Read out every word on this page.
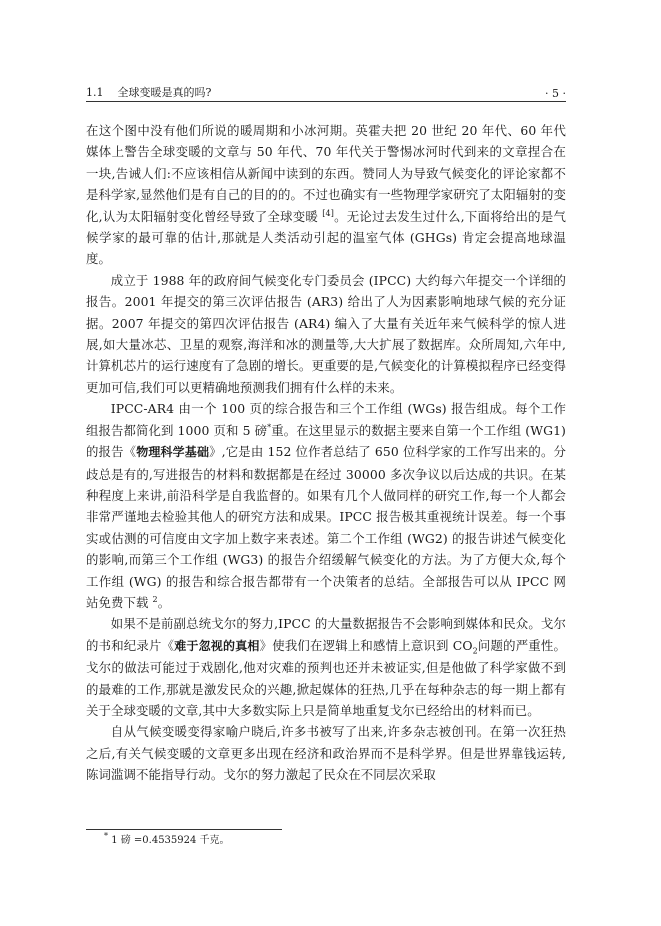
1.1 全球变暖是真的吗?	· 5 ·

在这个图中没有他们所说的暖周期和小冰河期。英霍夫把 20 世纪 20 年代、60 年代媒体上警告全球变暖的文章与 50 年代、70 年代关于警惕冰河时代到来的文章捏合在一块,告诫人们:不应该相信从新闻中读到的东西。赞同人为导致气候变化的评论家都不是科学家,显然他们是有自己的目的的。不过也确实有一些物理学家研究了太阳辐射的变化,认为太阳辐射变化曾经导致了全球变暖 [4]。无论过去发生过什么,下面将给出的是气候学家的最可靠的估计,那就是人类活动引起的温室气体 (GHGs) 肯定会提高地球温度。

成立于 1988 年的政府间气候变化专门委员会 (IPCC) 大约每六年提交一个详细的报告。2001 年提交的第三次评估报告 (AR3) 给出了人为因素影响地球气候的充分证据。2007 年提交的第四次评估报告 (AR4) 编入了大量有关近年来气候科学的惊人进展,如大量冰芯、卫星的观察,海洋和冰的测量等,大大扩展了数据库。众所周知,六年中,计算机芯片的运行速度有了急剧的增长。更重要的是,气候变化的计算模拟程序已经变得更加可信,我们可以更精确地预测我们拥有什么样的未来。

IPCC-AR4 由一个 100 页的综合报告和三个工作组 (WGs) 报告组成。每个工作组报告都简化到 1000 页和 5 磅*重。在这里显示的数据主要来自第一个工作组 (WG1) 的报告《物理科学基础》,它是由 152 位作者总结了 650 位科学家的工作写出来的。分歧总是有的,写进报告的材料和数据都是在经过 30000 多次争议以后达成的共识。在某种程度上来讲,前沿科学是自我监督的。如果有几个人做同样的研究工作,每一个人都会非常严谨地去检验其他人的研究方法和成果。IPCC 报告极其重视统计误差。每一个事实或估测的可信度由文字加上数字来表述。第二个工作组 (WG2) 的报告讲述气候变化的影响,而第三个工作组 (WG3) 的报告介绍缓解气候变化的方法。为了方便大众,每个工作组 (WG) 的报告和综合报告都带有一个决策者的总结。全部报告可以从 IPCC 网站免费下载 $^2$。

如果不是前副总统戈尔的努力,IPCC 的大量数据报告不会影响到媒体和民众。戈尔的书和纪录片《难于忽视的真相》使我们在逻辑上和感情上意识到 $CO_2$问题的严重性。戈尔的做法可能过于戏剧化,他对灾难的预判也还并未被证实,但是他做了科学家做不到的最难的工作,那就是激发民众的兴趣,掀起媒体的狂热,几乎在每种杂志的每一期上都有关于全球变暖的文章,其中大多数实际上只是简单地重复戈尔已经给出的材料而已。

自从气候变暖变得家喻户晓后,许多书被写了出来,许多杂志被创刊。在第一次狂热之后,有关气候变暖的文章更多出现在经济和政治界而不是科学界。但是世界靠钱运转,陈词滥调不能指导行动。戈尔的努力激起了民众在不同层次采取

* 1 磅 =0.4535924 千克。
